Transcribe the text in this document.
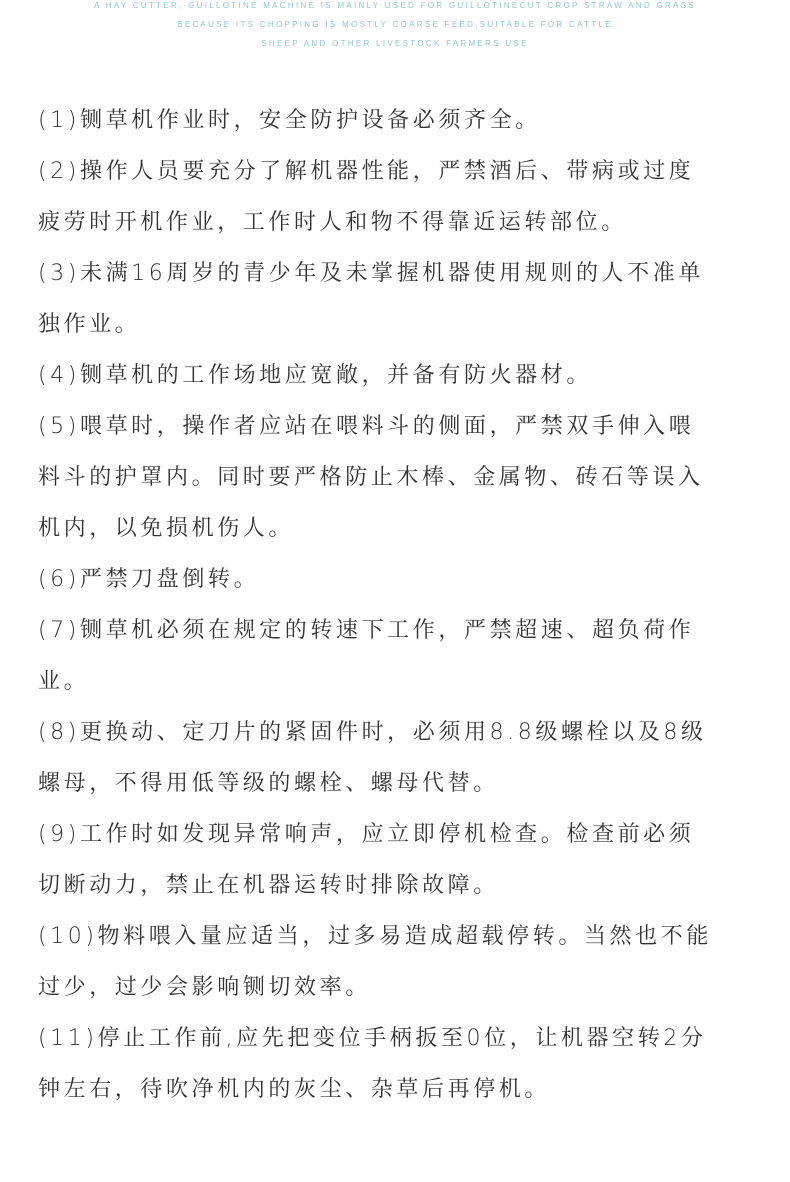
A HAY CUTTER, GUILLOTINE MACHINE IS MAINLY USED FOR GUILLOTINECUT CROP STRAW AND GRASS
BECAUSE ITS CHOPPING IS MOSTLY COARSE FEED,SUITABLE FOR CATTLE
SHEEP AND OTHER LIVESTOCK FARMERS USE

(1)铡草机作业时，安全防护设备必须齐全。

(2)操作人员要充分了解机器性能，严禁酒后、带病或过度
疲劳时开机作业，工作时人和物不得靠近运转部位。

(3)未满16周岁的青少年及未掌握机器使用规则的人不准单
独作业。

(4)铡草机的工作场地应宽敞，并备有防火器材。

(5)喂草时，操作者应站在喂料斗的侧面，严禁双手伸入喂
料斗的护罩内。同时要严格防止木棒、金属物、砖石等误入
机内，以免损机伤人。

(6)严禁刀盘倒转。

(7)铡草机必须在规定的转速下工作，严禁超速、超负荷作
业。

(8)更换动、定刀片的紧固件时，必须用8.8级螺栓以及8级
螺母，不得用低等级的螺栓、螺母代替。

(9)工作时如发现异常响声，应立即停机检查。检查前必须
切断动力，禁止在机器运转时排除故障。

(10)物料喂入量应适当，过多易造成超载停转。当然也不能
过少，过少会影响铡切效率。

(11)停止工作前,应先把变位手柄扳至0位，让机器空转2分
钟左右，待吹净机内的灰尘、杂草后再停机。
